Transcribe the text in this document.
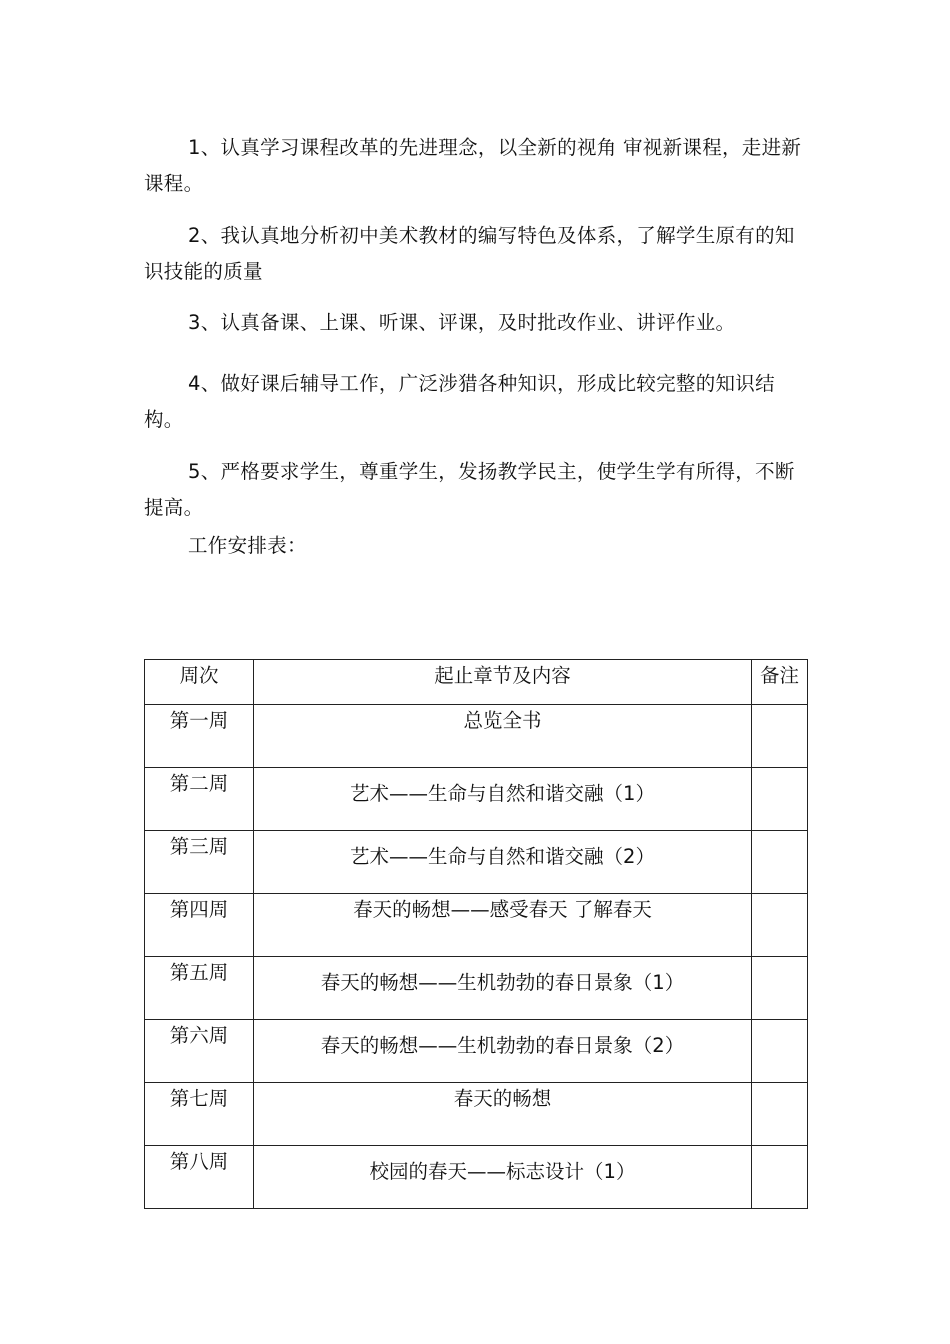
1、认真学习课程改革的先进理念，以全新的视角 审视新课程，走进新课程。

2、我认真地分析初中美术教材的编写特色及体系，了解学生原有的知识技能的质量

3、认真备课、上课、听课、评课，及时批改作业、讲评作业。

4、做好课后辅导工作，广泛涉猎各种知识，形成比较完整的知识结构。

5、严格要求学生，尊重学生，发扬教学民主，使学生学有所得，不断提高。

工作安排表：

周次	起止章节及内容	备注

第一周	总览全书	

第二周	艺术——生命与自然和谐交融（1）	

第三周	艺术——生命与自然和谐交融（2）	

第四周	春天的畅想——感受春天 了解春天	

第五周	春天的畅想——生机勃勃的春日景象（1）	

第六周	春天的畅想——生机勃勃的春日景象（2）	

第七周	春天的畅想	

第八周	校园的春天——标志设计（1）	
